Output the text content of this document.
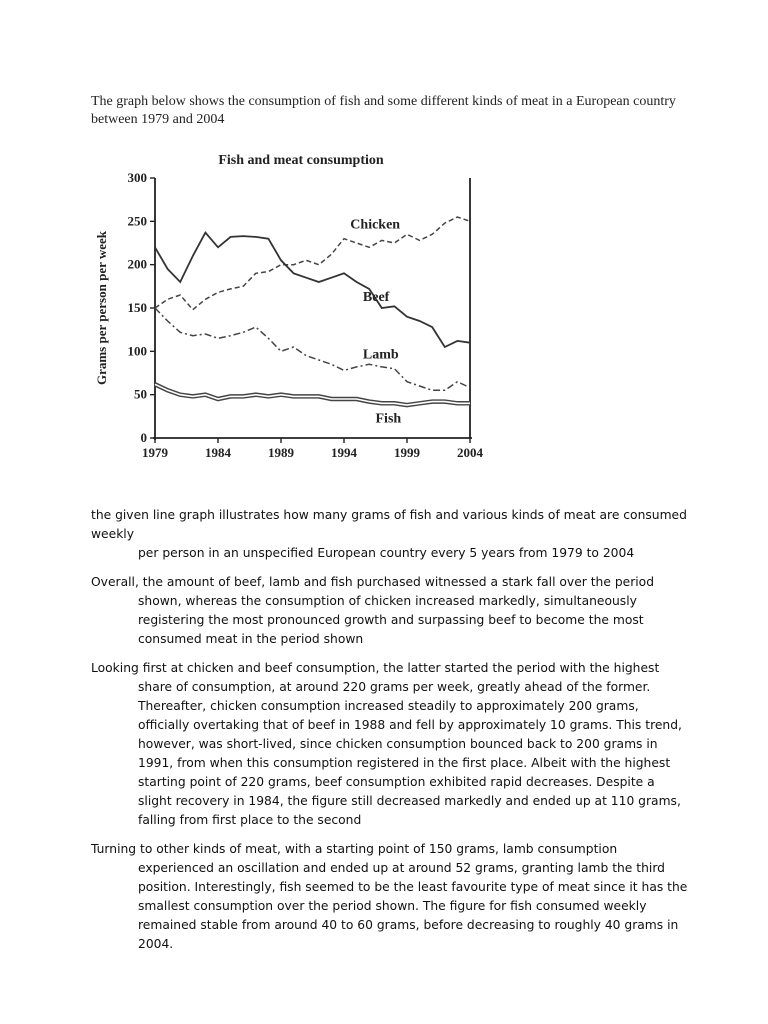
The graph below shows the consumption of fish and some different kinds of meat in a European country between 1979 and 2004
Fish and meat consumption
Grams per person per week
0
50
100
150
200
250
300
1979	1984	1989	1994	1999	2004
Chicken
Beef
Lamb
Fish

the given line graph illustrates how many grams of fish and various kinds of meat are consumed weekly
per person in an unspecified European country every 5 years from 1979 to 2004

Overall, the amount of beef, lamb and fish purchased witnessed a stark fall over the period shown, whereas the consumption of chicken increased markedly, simultaneously registering the most pronounced growth and surpassing beef to become the most consumed meat in the period shown

Looking first at chicken and beef consumption, the latter started the period with the highest share of consumption, at around 220 grams per week, greatly ahead of the former. Thereafter, chicken consumption increased steadily to approximately 200 grams, officially overtaking that of beef in 1988 and fell by approximately 10 grams. This trend, however, was short-lived, since chicken consumption bounced back to 200 grams in 1991, from when this consumption registered in the first place. Albeit with the highest starting point of 220 grams, beef consumption exhibited rapid decreases. Despite a slight recovery in 1984, the figure still decreased markedly and ended up at 110 grams, falling from first place to the second

Turning to other kinds of meat, with a starting point of 150 grams, lamb consumption experienced an oscillation and ended up at around 52 grams, granting lamb the third position. Interestingly, fish seemed to be the least favourite type of meat since it has the smallest consumption over the period shown. The figure for fish consumed weekly remained stable from around 40 to 60 grams, before decreasing to roughly 40 grams in 2004.
